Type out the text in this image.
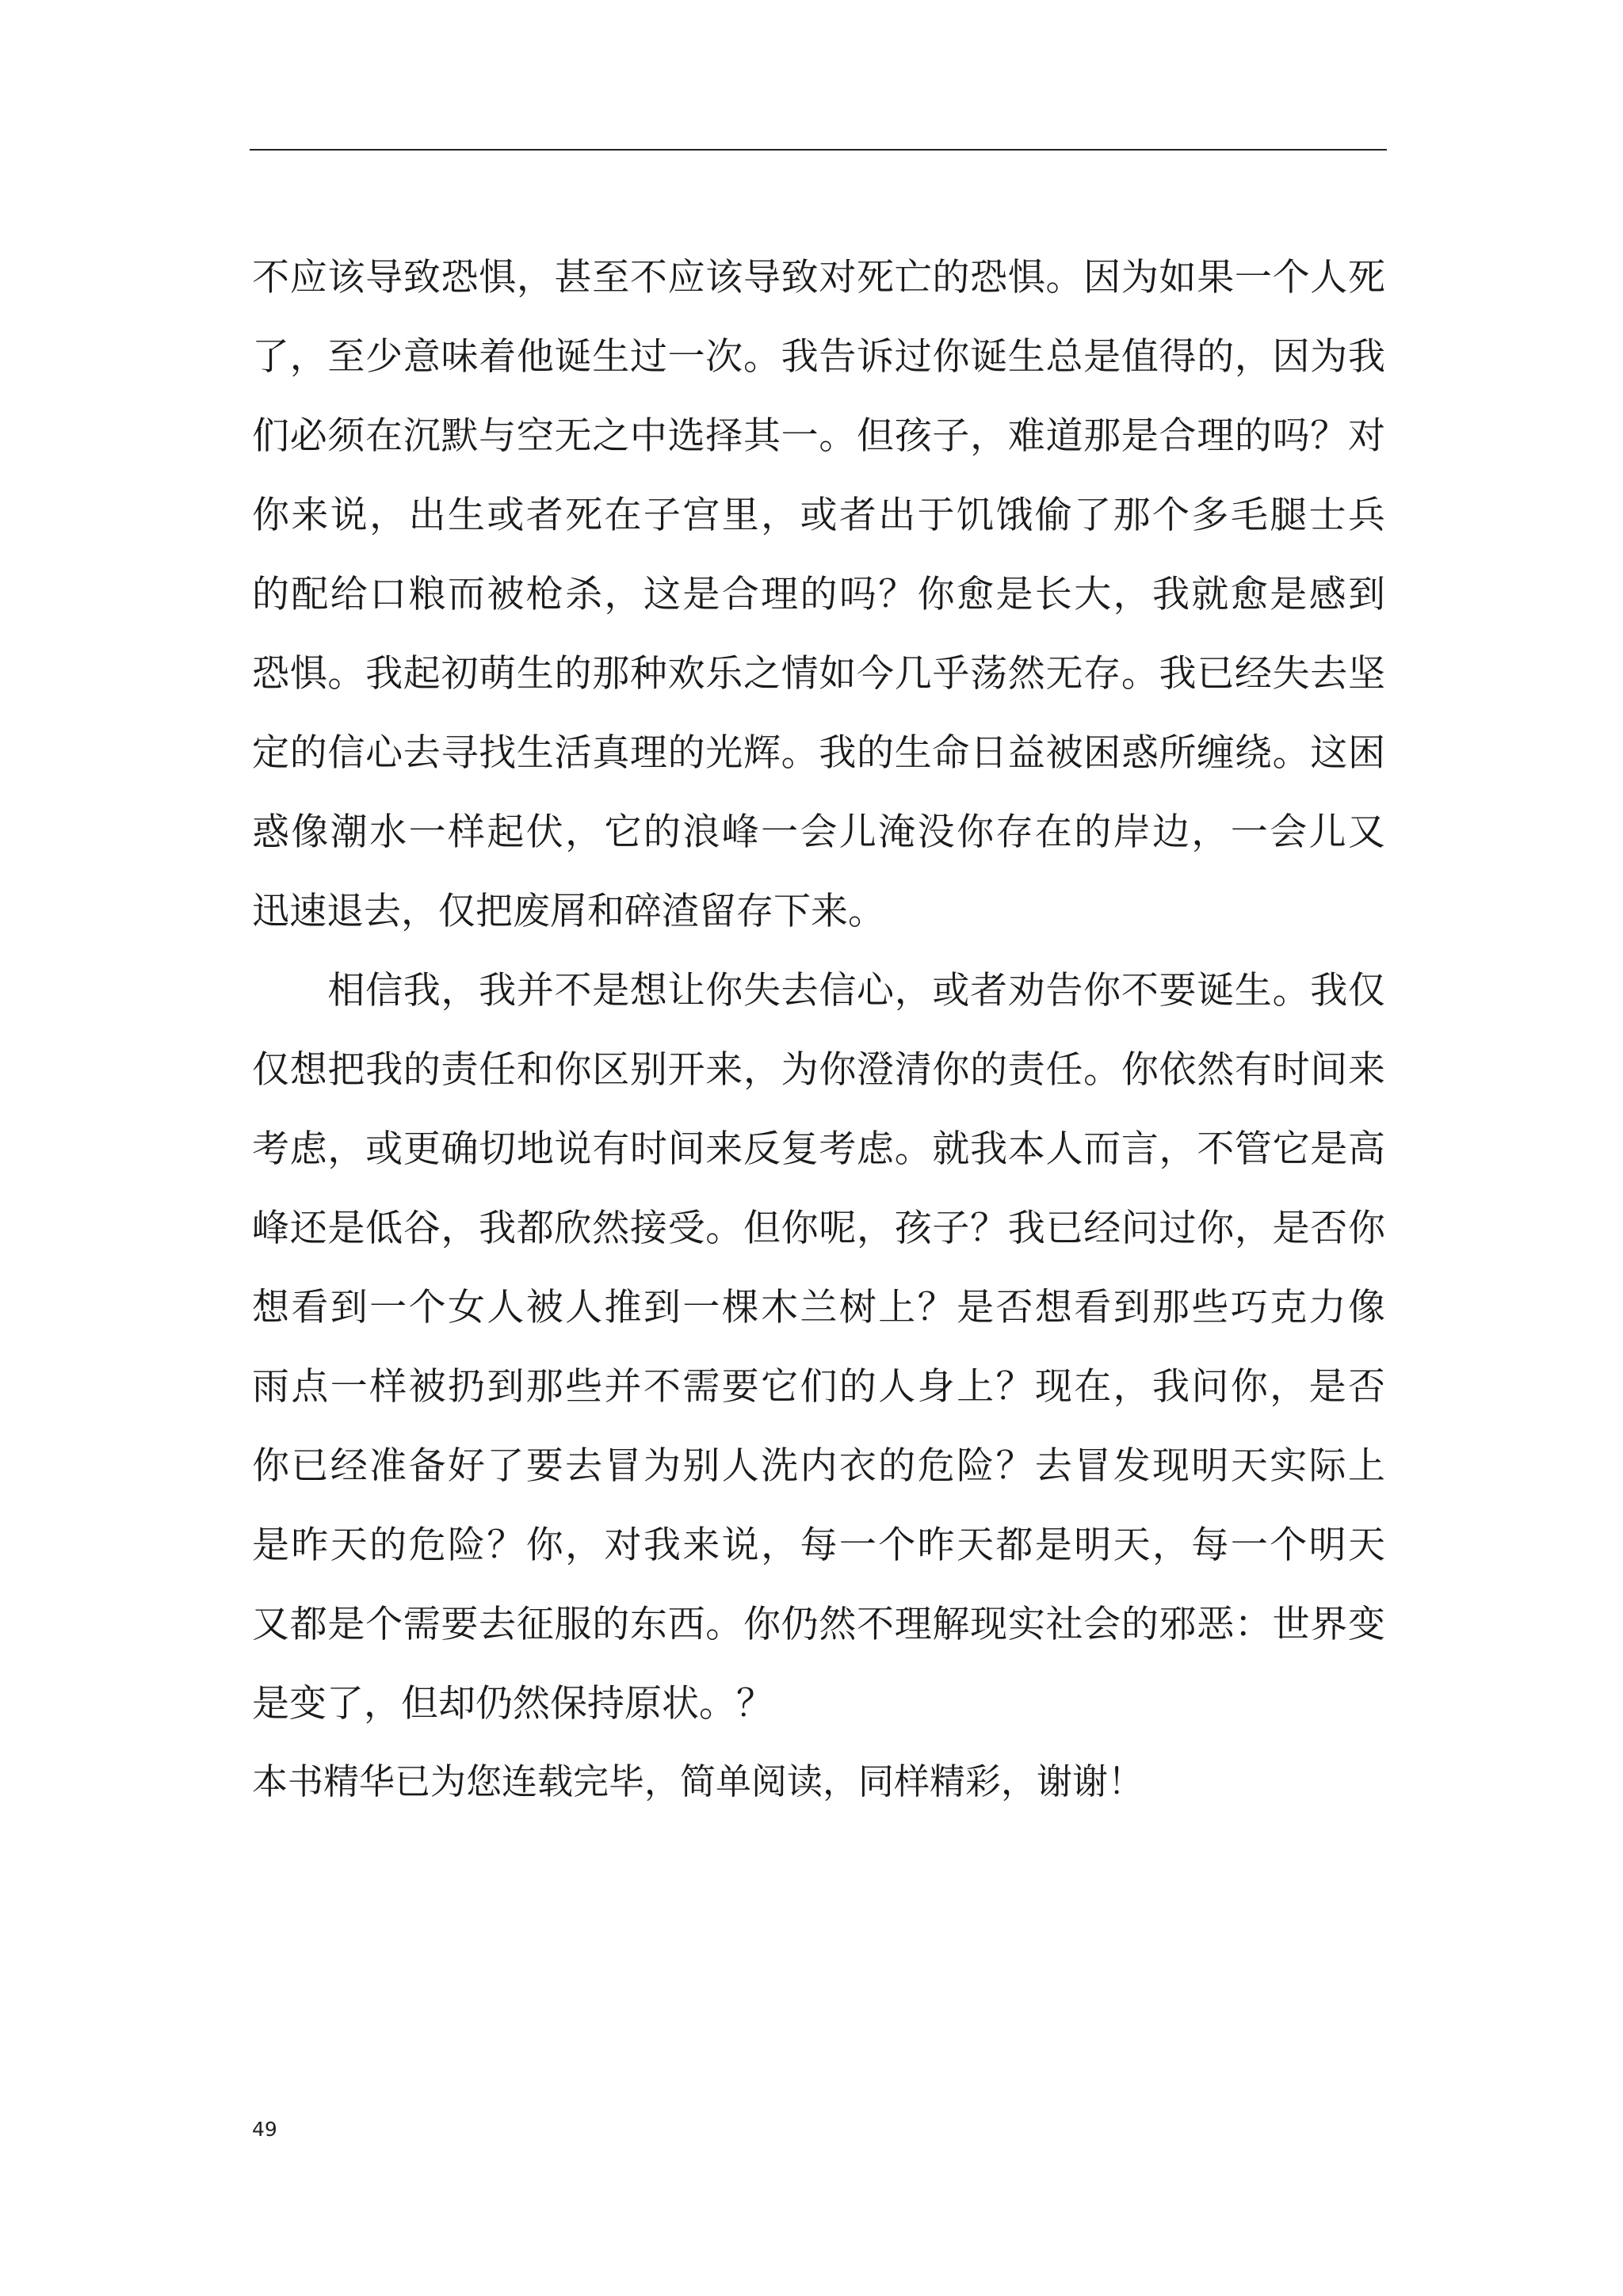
不应该导致恐惧，甚至不应该导致对死亡的恐惧。因为如果一个人死
了，至少意味着他诞生过一次。我告诉过你诞生总是值得的，因为我
们必须在沉默与空无之中选择其一。但孩子，难道那是合理的吗？对
你来说，出生或者死在子宫里，或者出于饥饿偷了那个多毛腿士兵
的配给口粮而被枪杀，这是合理的吗？你愈是长大，我就愈是感到
恐惧。我起初萌生的那种欢乐之情如今几乎荡然无存。我已经失去坚
定的信心去寻找生活真理的光辉。我的生命日益被困惑所缠绕。这困
惑像潮水一样起伏，它的浪峰一会儿淹没你存在的岸边，一会儿又
迅速退去，仅把废屑和碎渣留存下来。
　　相信我，我并不是想让你失去信心，或者劝告你不要诞生。我仅
仅想把我的责任和你区别开来，为你澄清你的责任。你依然有时间来
考虑，或更确切地说有时间来反复考虑。就我本人而言，不管它是高
峰还是低谷，我都欣然接受。但你呢，孩子？我已经问过你，是否你
想看到一个女人被人推到一棵木兰树上？是否想看到那些巧克力像
雨点一样被扔到那些并不需要它们的人身上？现在，我问你，是否
你已经准备好了要去冒为别人洗内衣的危险？去冒发现明天实际上
是昨天的危险？你，对我来说，每一个昨天都是明天，每一个明天
又都是个需要去征服的东西。你仍然不理解现实社会的邪恶：世界变
是变了，但却仍然保持原状。？
本书精华已为您连载完毕，简单阅读，同样精彩，谢谢！
49
